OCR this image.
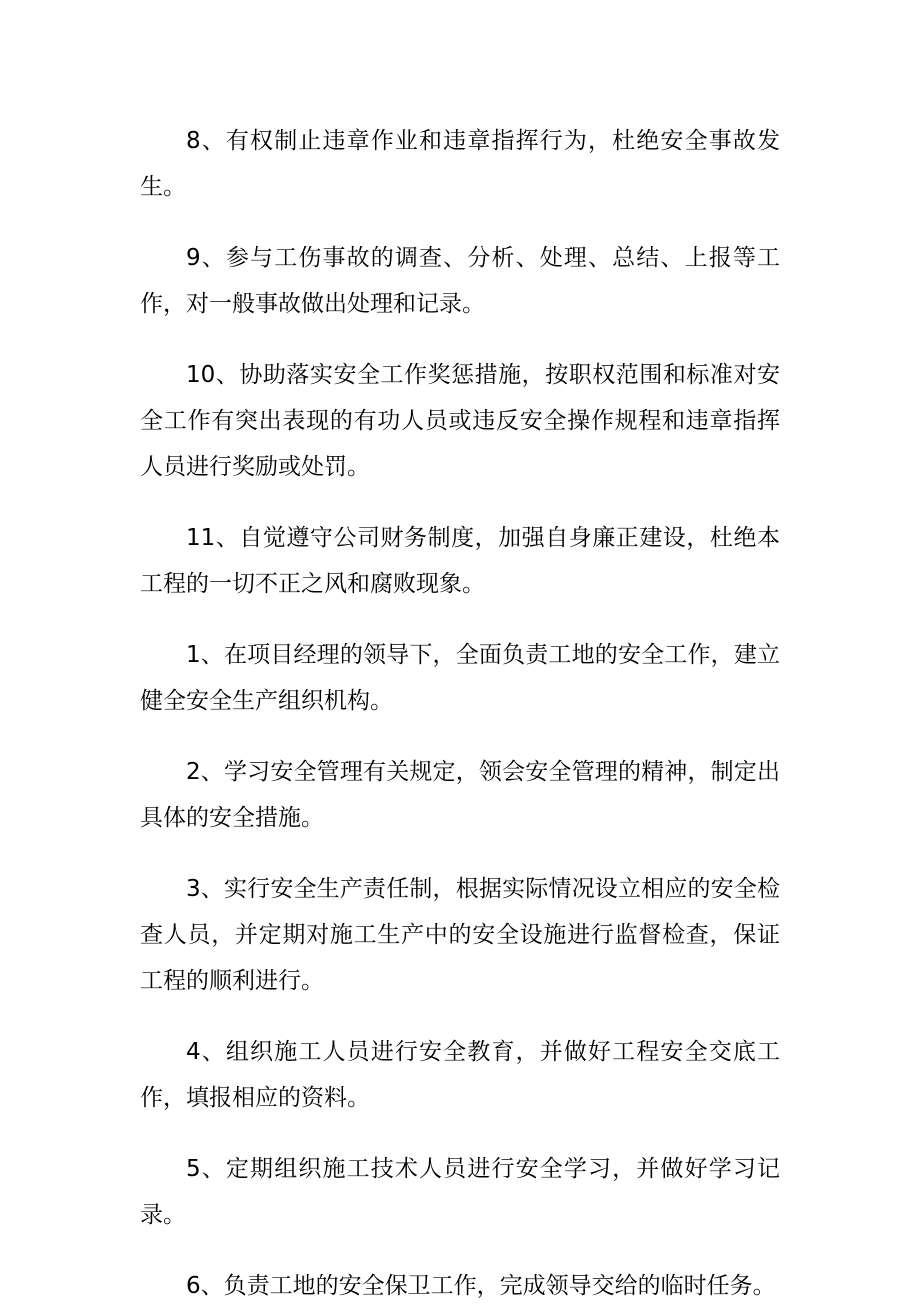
8、有权制止违章作业和违章指挥行为，杜绝安全事故发生。

9、参与工伤事故的调查、分析、处理、总结、上报等工作，对一般事故做出处理和记录。

10、协助落实安全工作奖惩措施，按职权范围和标准对安全工作有突出表现的有功人员或违反安全操作规程和违章指挥人员进行奖励或处罚。

11、自觉遵守公司财务制度，加强自身廉正建设，杜绝本工程的一切不正之风和腐败现象。

1、在项目经理的领导下，全面负责工地的安全工作，建立健全安全生产组织机构。

2、学习安全管理有关规定，领会安全管理的精神，制定出具体的安全措施。

3、实行安全生产责任制，根据实际情况设立相应的安全检查人员，并定期对施工生产中的安全设施进行监督检查，保证工程的顺利进行。

4、组织施工人员进行安全教育，并做好工程安全交底工作，填报相应的资料。

5、定期组织施工技术人员进行安全学习，并做好学习记录。

6、负责工地的安全保卫工作，完成领导交给的临时任务。
